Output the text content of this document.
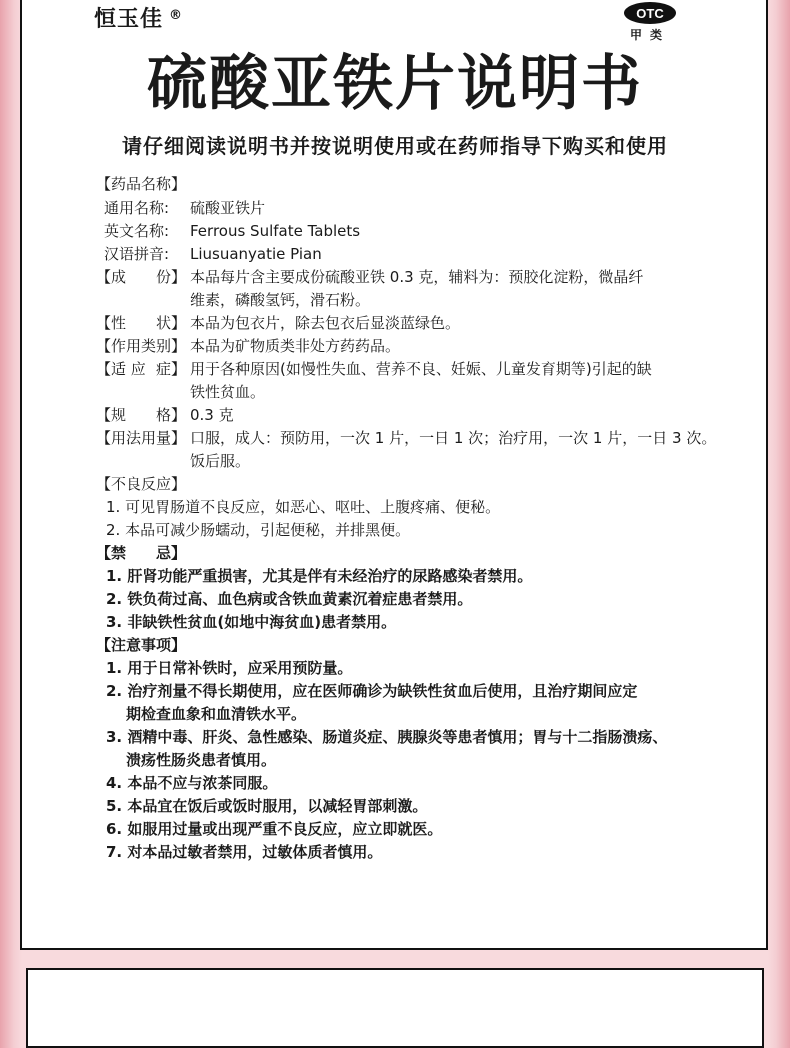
恒玉佳 ®	OTC
甲类
硫酸亚铁片说明书
请仔细阅读说明书并按说明使用或在药师指导下购买和使用
【药品名称】
通用名称: 硫酸亚铁片
英文名称: Ferrous Sulfate Tablets
汉语拼音: Liusuanyatie Pian
【成 份】 本品每片含主要成份硫酸亚铁 0.3 克，辅料为：预胶化淀粉，微晶纤
维素，磷酸氢钙，滑石粉。
【性 状】 本品为包衣片，除去包衣后显淡蓝绿色。
【作用类别】 本品为矿物质类非处方药药品。
【适 应 症】 用于各种原因(如慢性失血、营养不良、妊娠、儿童发育期等)引起的缺
铁性贫血。
【规 格】 0.3 克
【用法用量】 口服，成人：预防用，一次 1 片，一日 1 次；治疗用，一次 1 片，一日 3 次。
饭后服。
【不良反应】
1. 可见胃肠道不良反应，如恶心、呕吐、上腹疼痛、便秘。
2. 本品可减少肠蠕动，引起便秘，并排黑便。
【禁 忌】
1. 肝肾功能严重损害，尤其是伴有未经治疗的尿路感染者禁用。
2. 铁负荷过高、血色病或含铁血黄素沉着症患者禁用。
3. 非缺铁性贫血(如地中海贫血)患者禁用。
【注意事项】
1. 用于日常补铁时，应采用预防量。
2. 治疗剂量不得长期使用，应在医师确诊为缺铁性贫血后使用，且治疗期间应定
期检查血象和血清铁水平。
3. 酒精中毒、肝炎、急性感染、肠道炎症、胰腺炎等患者慎用；胃与十二指肠溃疡、
溃疡性肠炎患者慎用。
4. 本品不应与浓茶同服。
5. 本品宜在饭后或饭时服用，以减轻胃部刺激。
6. 如服用过量或出现严重不良反应，应立即就医。
7. 对本品过敏者禁用，过敏体质者慎用。
